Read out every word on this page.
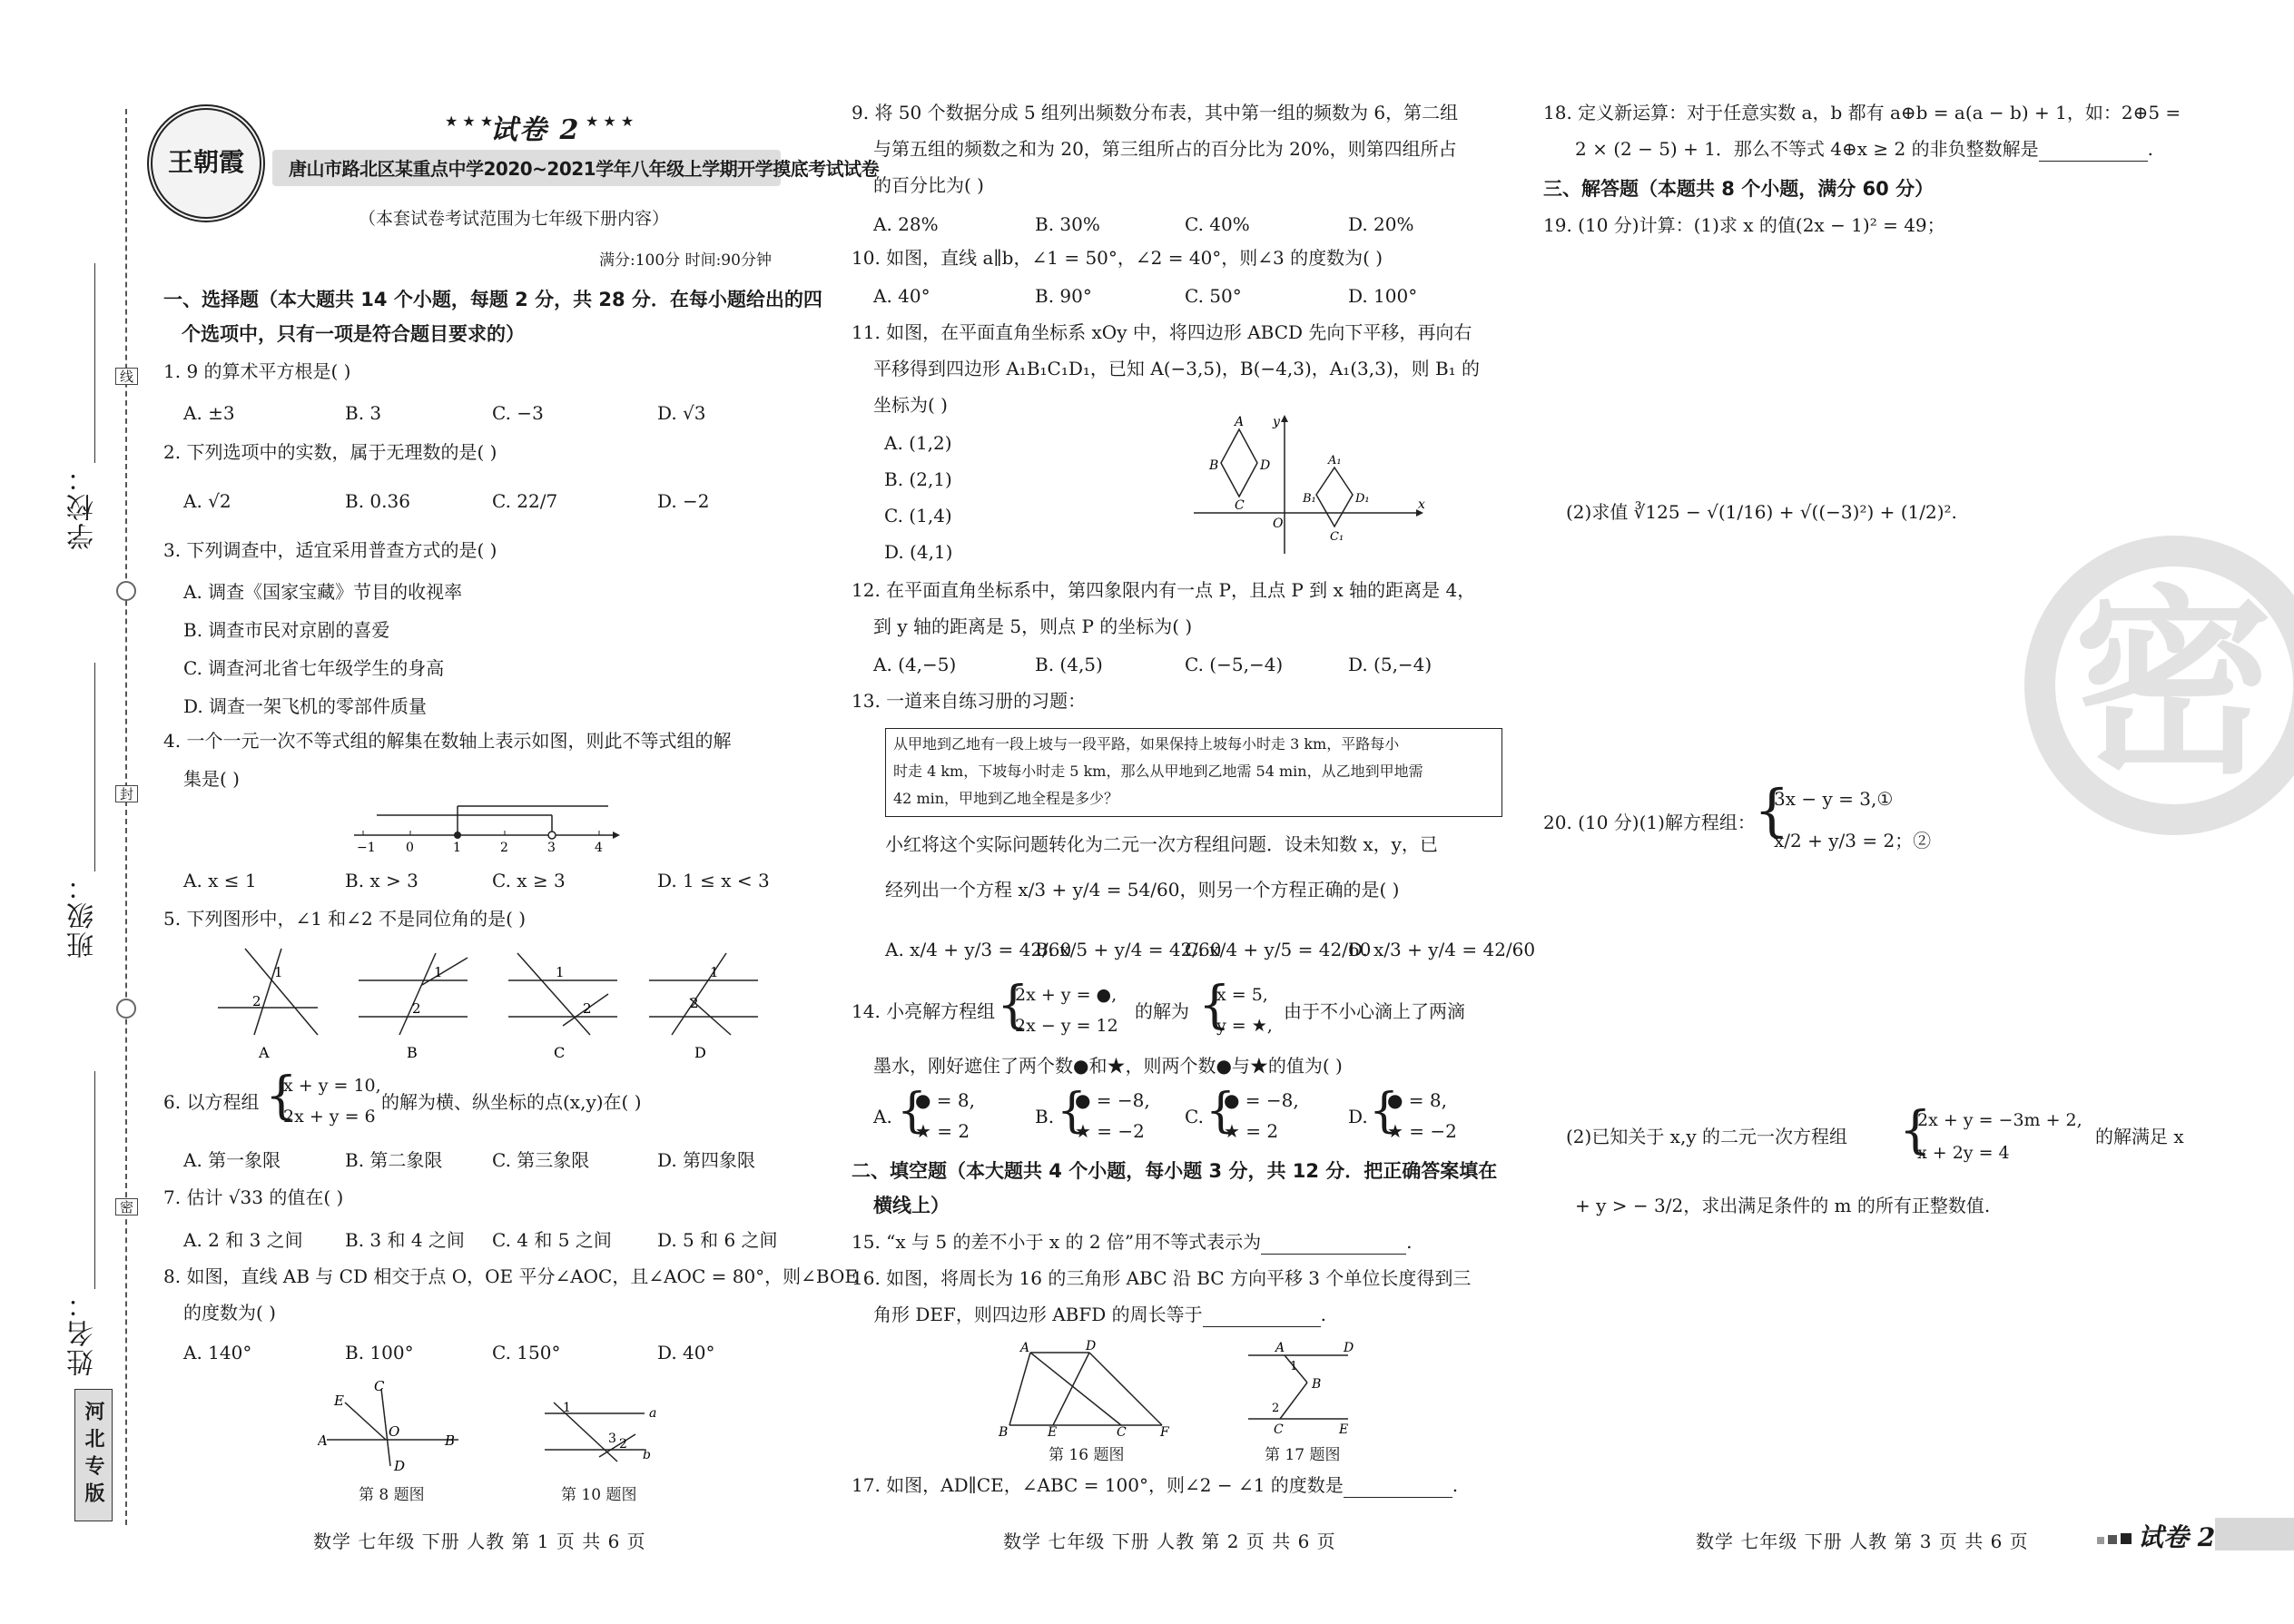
学校：
班级：
姓名：
线
封
密
河北专版
王朝霞
试卷 2
★ ★ ★	★ ★ ★
唐山市路北区某重点中学2020~2021学年八年级上学期开学摸底考试试卷
（本套试卷考试范围为七年级下册内容）
满分:100分 时间:90分钟
一、选择题（本大题共 14 个小题，每题 2 分，共 28 分．在每小题给出的四
个选项中，只有一项是符合题目要求的）
1. 9 的算术平方根是( )
A. ±3	B. 3	C. −3	D. √3
2. 下列选项中的实数，属于无理数的是( )
A. √2	B. 0.36	C. 22/7	D. −2
3. 下列调查中，适宜采用普查方式的是( )
A. 调查《国家宝藏》节目的收视率
B. 调查市民对京剧的喜爱
C. 调查河北省七年级学生的身高
D. 调查一架飞机的零部件质量
4. 一个一元一次不等式组的解集在数轴上表示如图，则此不等式组的解
集是( )
−1 0	1	2	3	4
A. x ≤ 1	B. x > 3	C. x ≥ 3	D. 1 ≤ x < 3
5. 下列图形中，∠1 和∠2 不是同位角的是( )
1
2
A
1
2
B
1
2
C
1
2
D
6. 以方程组 {
x + y = 10,
2x + y = 6
的解为横、纵坐标的点(x,y)在( )
A. 第一象限	B. 第二象限	C. 第三象限	D. 第四象限
7. 估计 √33 的值在( )
A. 2 和 3 之间 B. 3 和 4 之间 C. 4 和 5 之间	D. 5 和 6 之间
8. 如图，直线 AB 与 CD 相交于点 O，OE 平分∠AOC，且∠AOC = 80°，则∠BOE
的度数为( )
A. 140°	B. 100°	C. 150°	D. 40°
E
C
O
A	B
D
第 8 题图
1	a
3 2
b
第 10 题图
数学 七年级 下册 人教 第 1 页 共 6 页
9. 将 50 个数据分成 5 组列出频数分布表，其中第一组的频数为 6，第二组
与第五组的频数之和为 20，第三组所占的百分比为 20%，则第四组所占
的百分比为( )
A. 28%	B. 30%	C. 40%	D. 20%
10. 如图，直线 a∥b，∠1 = 50°，∠2 = 40°，则∠3 的度数为( )
A. 40°	B. 90°	C. 50°	D. 100°
11. 如图，在平面直角坐标系 xOy 中，将四边形 ABCD 先向下平移，再向右
平移得到四边形 A₁B₁C₁D₁，已知 A(−3,5)，B(−4,3)，A₁(3,3)，则 B₁ 的
坐标为( )
A. (1,2)
B. (2,1)
C. (1,4)
D. (4,1)
A
B
C
D	A₁
B₁
C₁
D₁
O
x
y
12. 在平面直角坐标系中，第四象限内有一点 P，且点 P 到 x 轴的距离是 4，
到 y 轴的距离是 5，则点 P 的坐标为( )
A. (4,−5)	B. (4,5)	C. (−5,−4)	D. (5,−4)
13. 一道来自练习册的习题：
从甲地到乙地有一段上坡与一段平路，如果保持上坡每小时走 3 km，平路每小
时走 4 km，下坡每小时走 5 km，那么从甲地到乙地需 54 min，从乙地到甲地需
42 min，甲地到乙地全程是多少？
小红将这个实际问题转化为二元一次方程组问题．设未知数 x，y，已
经列出一个方程 x/3 + y/4 = 54/60，则另一个方程正确的是( )
A. x/4 + y/3 = 42/60
B. x/5 + y/4 = 42/60
C. x/4 + y/5 = 42/60
D. x/3 + y/4 = 42/60
14. 小亮解方程组 {
2x + y = ●,
2x − y = 12
的解为 {
x = 5,
y = ★,
由于不小心滴上了两滴
墨水，刚好遮住了两个数●和★，则两个数●与★的值为( )
A. {
● = 8,
★ = 2
B. {
● = −8,
★ = −2
C. {
● = −8,
★ = 2
D. {
● = 8,
★ = −2
二、填空题（本大题共 4 个小题，每小题 3 分，共 12 分．把正确答案填在
横线上）
15. “x 与 5 的差不小于 x 的 2 倍”用不等式表示为	.
16. 如图，将周长为 16 的三角形 ABC 沿 BC 方向平移 3 个单位长度得到三
角形 DEF，则四边形 ABFD 的周长等于	.
A	D
B	E	C	F
第 16 题图
A	D
1
B
2
C	E
第 17 题图
17. 如图，AD∥CE，∠ABC = 100°，则∠2 − ∠1 的度数是	.
数学 七年级 下册 人教 第 2 页 共 6 页
18. 定义新运算：对于任意实数 a，b 都有 a⊕b = a(a − b) + 1，如：2⊕5 =
2 × (2 − 5) + 1．那么不等式 4⊕x ≥ 2 的非负整数解是	.
三、解答题（本题共 8 个小题，满分 60 分）
19. (10 分)计算：(1)求 x 的值(2x − 1)² = 49；
(2)求值 ∛125 − √(1/16) + √((−3)²) + (1/2)².
密
20. (10 分)(1)解方程组：
{
3x − y = 3,①
x/2 + y/3 = 2；②
(2)已知关于 x,y 的二元一次方程组 {
2x + y = −3m + 2,
x + 2y = 4
的解满足 x
+ y > − 3/2，求出满足条件的 m 的所有正整数值.
数学 七年级 下册 人教 第 3 页 共 6 页	试卷 2
